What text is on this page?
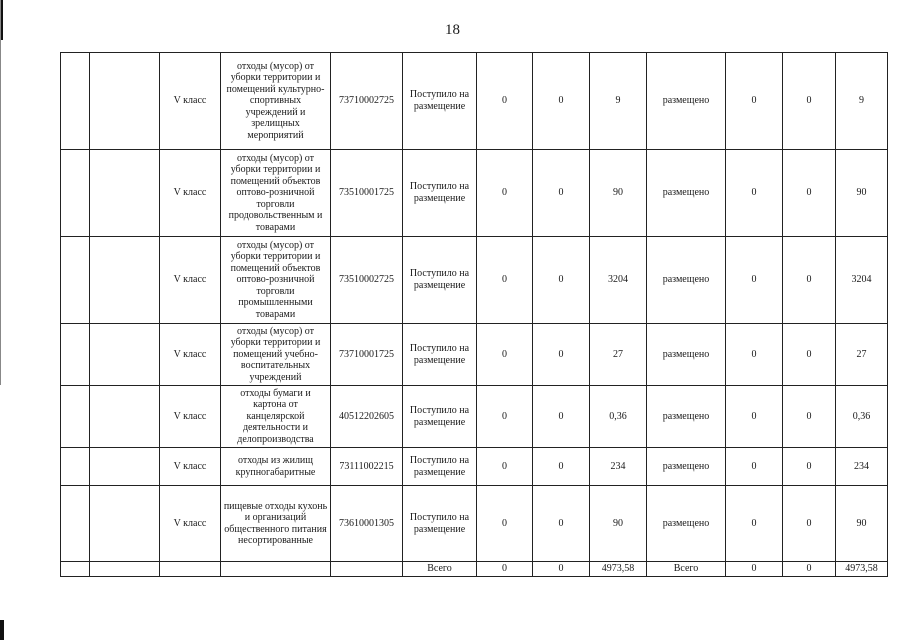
18
		V класс	отходы (мусор) от уборки территории и помещений культурно-спортивных учреждений и зрелищных мероприятий	73710002725	Поступило на размещение	0	0	9	размещено	0	0	9
		V класс	отходы (мусор) от уборки территории и помещений объектов оптово-розничной торговли продовольственным и товарами	73510001725	Поступило на размещение	0	0	90	размещено	0	0	90
		V класс	отходы (мусор) от уборки территории и помещений объектов оптово-розничной торговли промышленными товарами	73510002725	Поступило на размещение	0	0	3204	размещено	0	0	3204
		V класс	отходы (мусор) от уборки территории и помещений учебно-воспитательных учреждений	73710001725	Поступило на размещение	0	0	27	размещено	0	0	27
		V класс	отходы бумаги и картона от канцелярской деятельности и делопроизводства	40512202605	Поступило на размещение	0	0	0,36	размещено	0	0	0,36
		V класс	отходы из жилищ крупногабаритные	73111002215	Поступило на размещение	0	0	234	размещено	0	0	234
		V класс	пищевые отходы кухонь и организаций общественного питания несортированные	73610001305	Поступило на размещение	0	0	90	размещено	0	0	90
					Всего	0	0	4973,58	Всего	0	0	4973,58
